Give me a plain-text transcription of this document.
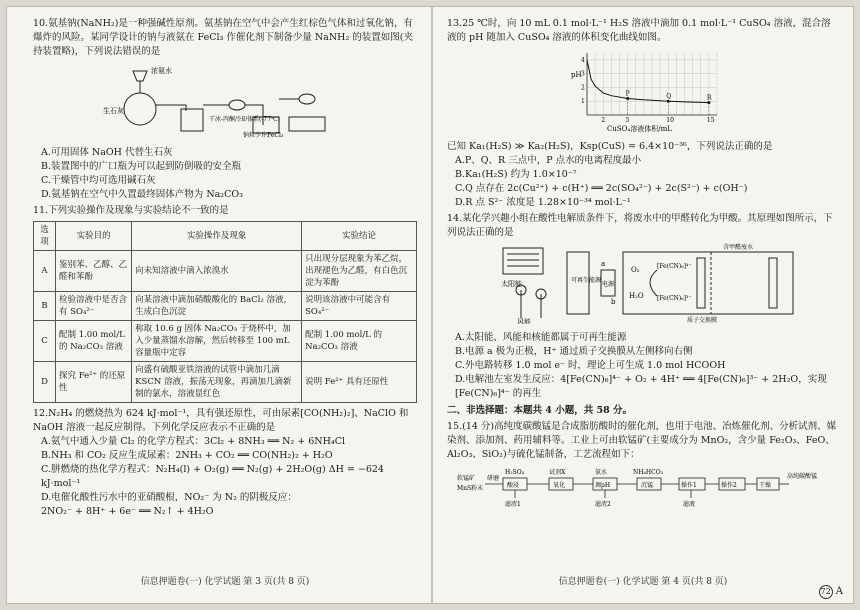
10.氨基钠(NaNH₂)是一种强碱性原剂。氨基钠在空气中会产生红棕色气体和过氧化钠，有爆炸的风险。某同学设计的钠与液氨在 FeCl₃ 作催化剂下制备少量 NaNH₂ 的装置如图(夹持装置略)，下列说法错误的是
浓氨水
生石灰
干冰-丙酮冷却体系(-77℃)
钠粒少许FeCl₃
A.可用固体 NaOH 代替生石灰
B.装置图中的广口瓶为可以起到防倒吸的安全瓶
C.干燥管中均可选用碱石灰
D.氨基钠在空气中久置最终固体产物为 Na₂CO₃
11.下列实验操作及现象与实验结论不一致的是
选项	实验目的	实验操作及现象	实验结论
A	鉴别苯、乙醇、乙醛和苯酚	向未知溶液中滴入浓溴水	只出现分层现象为苯乙烷，出现褪色为乙醛，有白色沉淀为苯酚
B	检验溶液中是否含有 SO₄²⁻	向某溶液中滴加硝酸酸化的 BaCl₂ 溶液，生成白色沉淀	说明该溶液中可能含有 SO₄²⁻
C	配制 1.00 mol/L 的 Na₂CO₃ 溶液	称取 10.6 g 固体 Na₂CO₃ 于烧杯中，加入少量蒸馏水溶解，然后转移至 100 mL 容量瓶中定容	配制 1.00 mol/L 的 Na₂CO₃ 溶液
D	探究 Fe²⁺ 的还原性	向盛有硫酸亚铁溶液的试管中滴加几滴 KSCN 溶液，振荡无现象，再滴加几滴新制的氯水，溶液显红色	说明 Fe²⁺ 具有还原性
12.N₂H₄ 的燃烧热为 624 kJ·mol⁻¹，具有强还原性，可由尿素[CO(NH₂)₂]、NaClO 和 NaOH 溶液一起反应制得。下列化学反应表示不正确的是
A.氨气中通入少量 Cl₂ 的化学方程式：3Cl₂ + 8NH₃ ══ N₂ + 6NH₄Cl
B.NH₃ 和 CO₂ 反应生成尿素：2NH₃ + CO₂ ══ CO(NH₂)₂ + H₂O
C.肼燃烧的热化学方程式：N₂H₄(l) + O₂(g) ══ N₂(g) + 2H₂O(g) ΔH = −624 kJ·mol⁻¹
D.电催化酸性污水中的亚硝酸根，NO₂⁻ 为 N₂ 的阴极反应：
2NO₂⁻ + 8H⁺ + 6e⁻ ══ N₂↑ + 4H₂O
信息押题卷(一) 化学试题 第 3 页(共 8 页)
13.25 ℃时，向 10 mL 0.1 mol·L⁻¹ H₂S 溶液中滴加 0.1 mol·L⁻¹ CuSO₄ 溶液，混合溶液的 pH 随加入 CuSO₄ 溶液的体积变化曲线如图。
pH
CuSO₄溶液体积/mL
1
2
3
4
2	5	10	15
P	Q	R
已知 Ka₁(H₂S) ≫ Ka₂(H₂S)，Ksp(CuS) = 6.4×10⁻³⁶，下列说法正确的是
A.P、Q、R 三点中，P 点水的电离程度最小
B.Ka₁(H₂S) 约为 1.0×10⁻⁷
C.Q 点存在 2c(Cu²⁺) + c(H⁺) ══ 2c(SO₄²⁻) + 2c(S²⁻) + c(OH⁻)
D.R 点 S²⁻ 浓度是 1.28×10⁻³⁴ mol·L⁻¹
14.某化学兴趣小组在酸性电解质条件下，将废水中的甲醛转化为甲酸。其原理如图所示，下列说法正确的是
太阳能
风能
可再生能源
电源
a
b
含甲醛废水
[Fe(CN)₆]⁴⁻
[Fe(CN)₆]³⁻
O₂
H₂O
质子交换膜
A.太阳能、风能和核能都属于可再生能源
B.电源 a 极为正极，H⁺ 通过质子交换膜从左侧移向右侧
C.外电路转移 1.0 mol e⁻ 时，理论上可生成 1.0 mol HCOOH
D.电解池左室发生反应：4[Fe(CN)₆]⁴⁻ + O₂ + 4H⁺ ══ 4[Fe(CN)₆]³⁻ + 2H₂O，实现 [Fe(CN)₆]⁴⁻ 的再生
二、非选择题：本题共 4 小题，共 58 分。
15.(14 分)高纯度碳酸锰是合成脂肪酸时的催化剂，也用于电池、冶炼催化剂、分析试剂、媒染剂、添加剂、药用辅料等。工业上可由软锰矿(主要成分为 MnO₂，含少量 Fe₂O₃、FeO、Al₂O₃、SiO₂)与硫化锰制备，工艺流程如下：
软锰矿
MnS粉末
研磨
酸浸
H₂SO₄	试剂X
氧化
氨水
调pH
NH₄HCO₃
沉锰	操作1	操作2	干燥
高纯碳酸锰
滤渣1	滤渣2	滤液
信息押题卷(一) 化学试题 第 4 页(共 8 页)
72 A
